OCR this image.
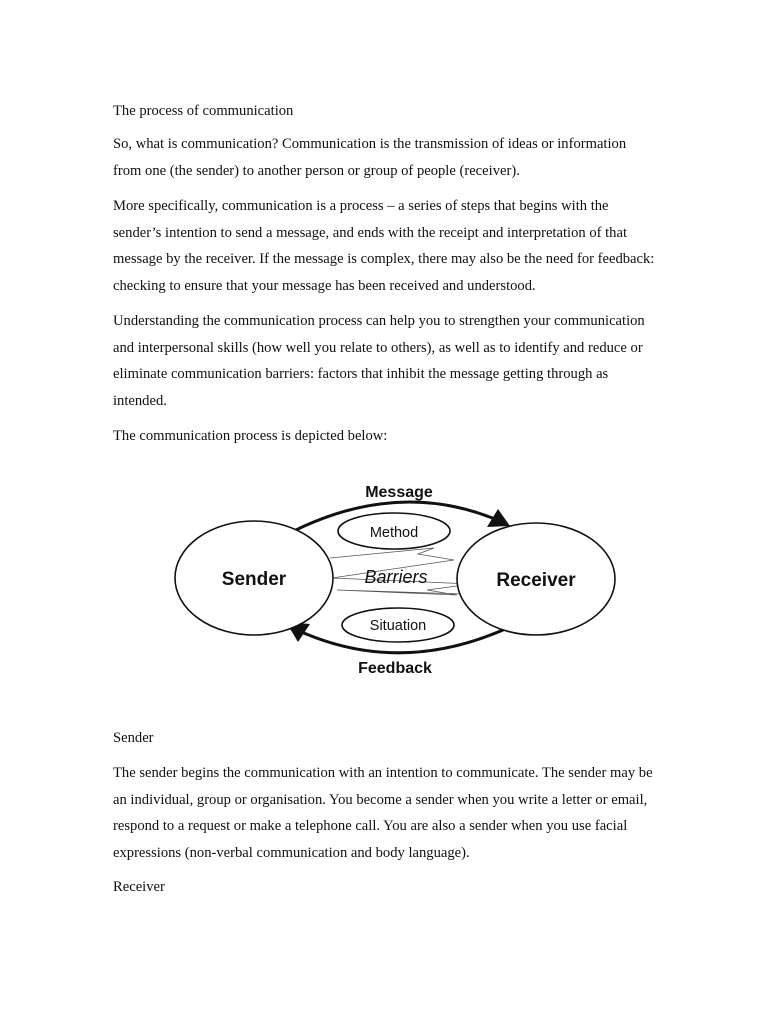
The process of communication

So, what is communication? Communication is the transmission of ideas or information from one (the sender) to another person or group of people (receiver).

More specifically, communication is a process – a series of steps that begins with the sender’s intention to send a message, and ends with the receipt and interpretation of that message by the receiver. If the message is complex, there may also be the need for feedback: checking to ensure that your message has been received and understood.

Understanding the communication process can help you to strengthen your communication and interpersonal skills (how well you relate to others), as well as to identify and reduce or eliminate communication barriers: factors that inhibit the message getting through as intended.

The communication process is depicted below:

Sender	Receiver
Method
Situation
Barriers
Message
Feedback

Sender

The sender begins the communication with an intention to communicate. The sender may be an individual, group or organisation. You become a sender when you write a letter or email, respond to a request or make a telephone call. You are also a sender when you use facial expressions (non-verbal communication and body language).

Receiver
